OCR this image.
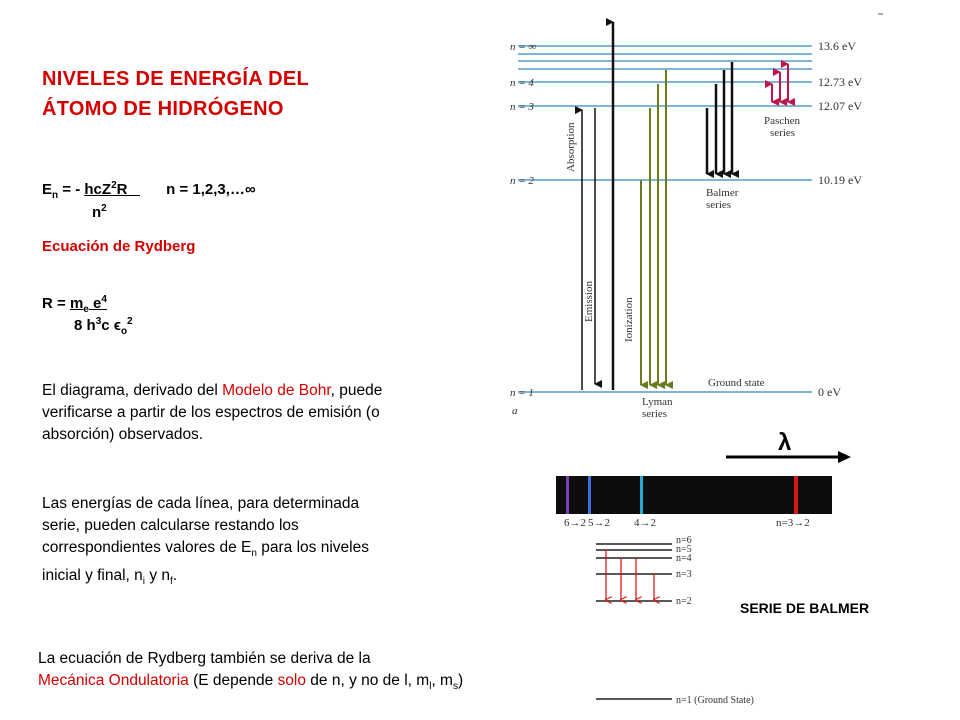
NIVELES DE ENERGÍA DEL
ÁTOMO DE HIDRÓGENO
$E_n$ = - hcZ$^2$R	n = 1,2,3,…∞
$n^2$
Ecuación de Rydberg
$R = m_e$ $e^4$
8 $h^3c$ $\epsilon_o^2$
El diagrama, derivado del Modelo de Bohr, puede
verificarse a partir de los espectros de emisión (o
absorción) observados.
Las energías de cada línea, para determinada
serie, pueden calcularse restando los
correspondientes valores de $E_n$ para los niveles
inicial y final, $n_i$ y $n_f$.
La ecuación de Rydberg también se deriva de la
Mecánica Ondulatoria (E depende solo de n, y no de l, $m_l$, $m_s$)
n = ∞
n = 4
n = 3
n = 2
n = 1
a
13.6 eV
12.73 eV
12.07 eV
10.19 eV
0 eV
Absorption
Emission	Ionization
Lyman
series
Balmer
series
Paschen
series
Ground state
λ
6→2 5→2 4→2	n=3→2
n=6
n=5
n=4
n=3
n=2	SERIE DE BALMER
n=1 (Ground State)
